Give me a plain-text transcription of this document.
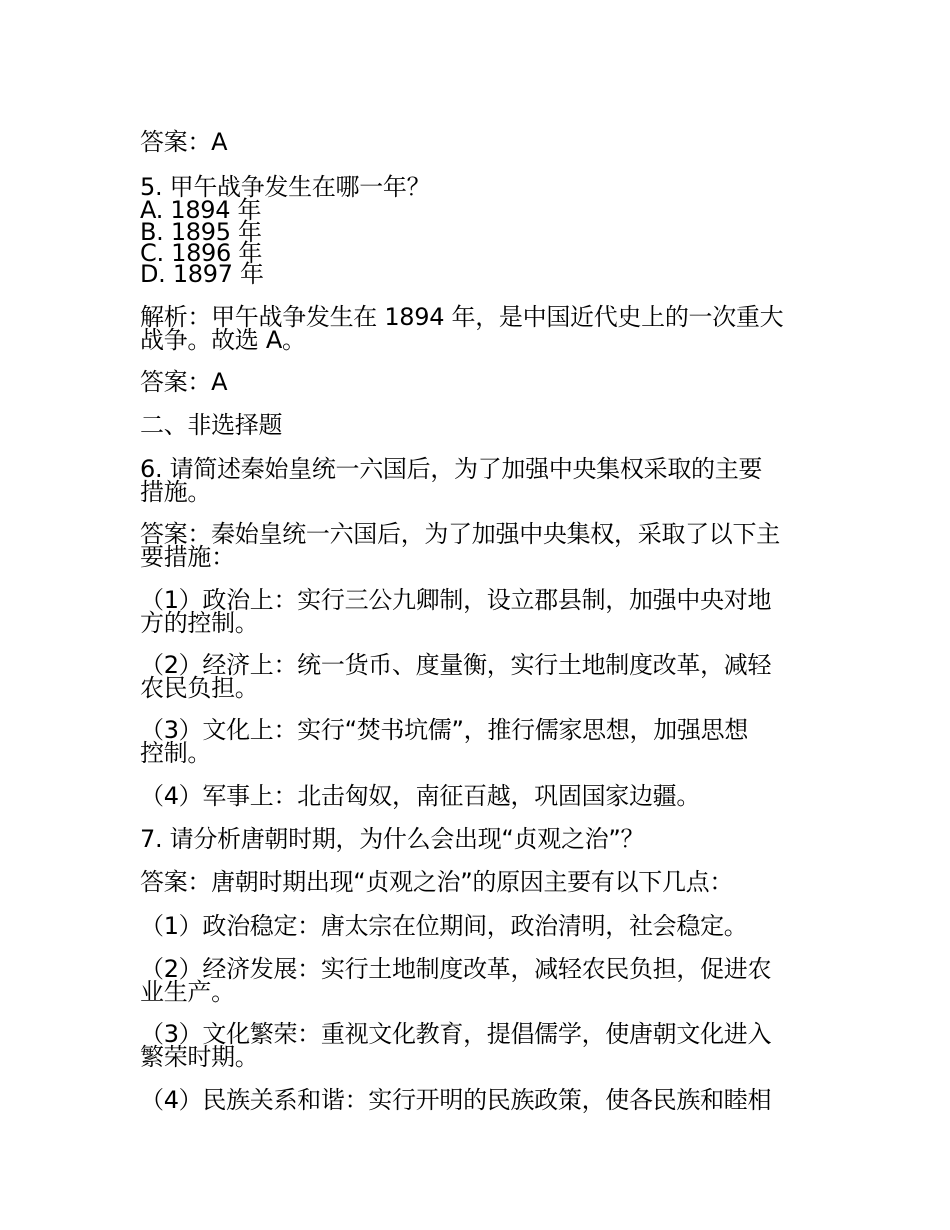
答案：A
5. 甲午战争发生在哪一年？
A. 1894 年
B. 1895 年
C. 1896 年
D. 1897 年
解析：甲午战争发生在 1894 年，是中国近代史上的一次重大
战争。故选 A。
答案：A
二、非选择题
6. 请简述秦始皇统一六国后，为了加强中央集权采取的主要
措施。
答案：秦始皇统一六国后，为了加强中央集权，采取了以下主
要措施：
（1）政治上：实行三公九卿制，设立郡县制，加强中央对地
方的控制。
（2）经济上：统一货币、度量衡，实行土地制度改革，减轻
农民负担。
（3）文化上：实行“焚书坑儒”，推行儒家思想，加强思想
控制。
（4）军事上：北击匈奴，南征百越，巩固国家边疆。
7. 请分析唐朝时期，为什么会出现“贞观之治”？
答案：唐朝时期出现“贞观之治”的原因主要有以下几点：
（1）政治稳定：唐太宗在位期间，政治清明，社会稳定。
（2）经济发展：实行土地制度改革，减轻农民负担，促进农
业生产。
（3）文化繁荣：重视文化教育，提倡儒学，使唐朝文化进入
繁荣时期。
（4）民族关系和谐：实行开明的民族政策，使各民族和睦相
